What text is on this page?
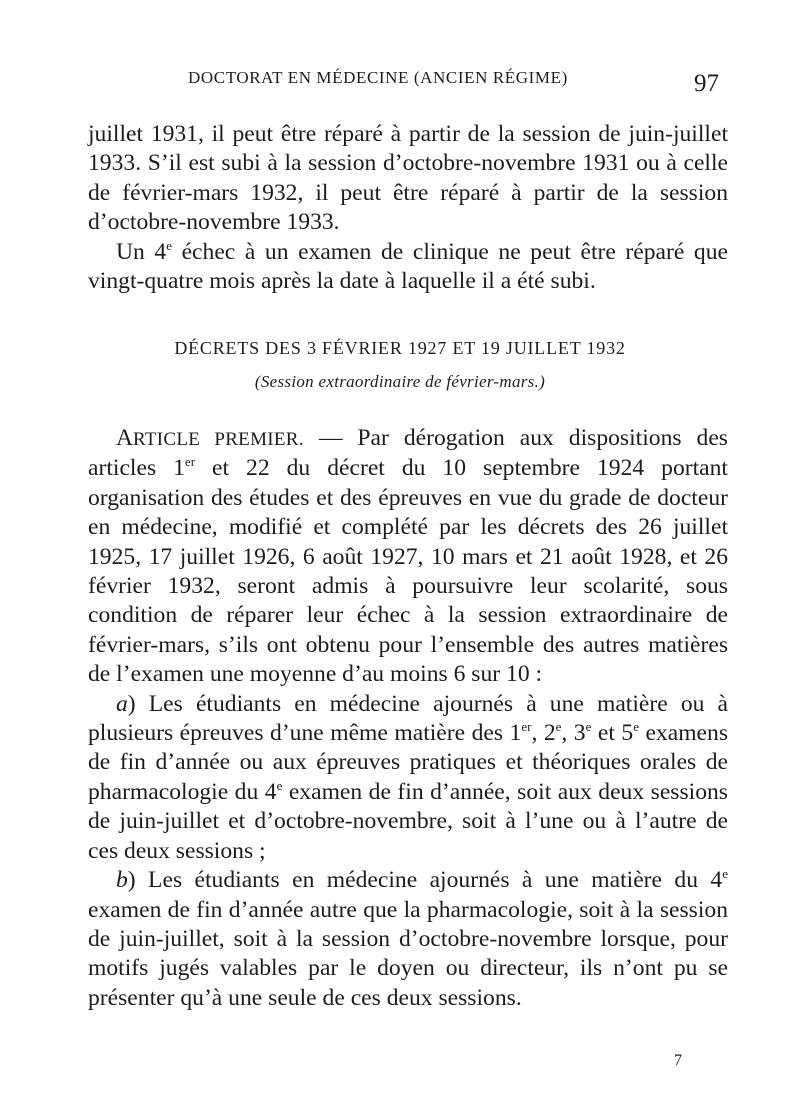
DOCTORAT EN MÉDECINE (ANCIEN RÉGIME)	97

juillet 1931, il peut être réparé à partir de la session de juin-juillet 1933. S’il est subi à la session d’octobre-novembre 1931 ou à celle de février-mars 1932, il peut être réparé à partir de la session d’octobre-novembre 1933.

Un 4e échec à un examen de clinique ne peut être réparé que vingt-quatre mois après la date à laquelle il a été subi.

DÉCRETS DES 3 FÉVRIER 1927 ET 19 JUILLET 1932
(Session extraordinaire de février-mars.)

ARTICLE PREMIER. — Par dérogation aux dispositions des articles 1er et 22 du décret du 10 septembre 1924 portant organisation des études et des épreuves en vue du grade de docteur en médecine, modifié et complété par les décrets des 26 juillet 1925, 17 juillet 1926, 6 août 1927, 10 mars et 21 août 1928, et 26 février 1932, seront admis à poursuivre leur scolarité, sous condition de réparer leur échec à la session extraordinaire de février-mars, s’ils ont obtenu pour l’ensemble des autres matières de l’examen une moyenne d’au moins 6 sur 10 :

a) Les étudiants en médecine ajournés à une matière ou à plusieurs épreuves d’une même matière des 1er, 2e, 3e et 5e examens de fin d’année ou aux épreuves pratiques et théoriques orales de pharmacologie du 4e examen de fin d’année, soit aux deux sessions de juin-juillet et d’octobre-novembre, soit à l’une ou à l’autre de ces deux sessions ;

b) Les étudiants en médecine ajournés à une matière du 4e examen de fin d’année autre que la pharmacologie, soit à la session de juin-juillet, soit à la session d’octobre-novembre lorsque, pour motifs jugés valables par le doyen ou directeur, ils n’ont pu se présenter qu’à une seule de ces deux sessions.

7
